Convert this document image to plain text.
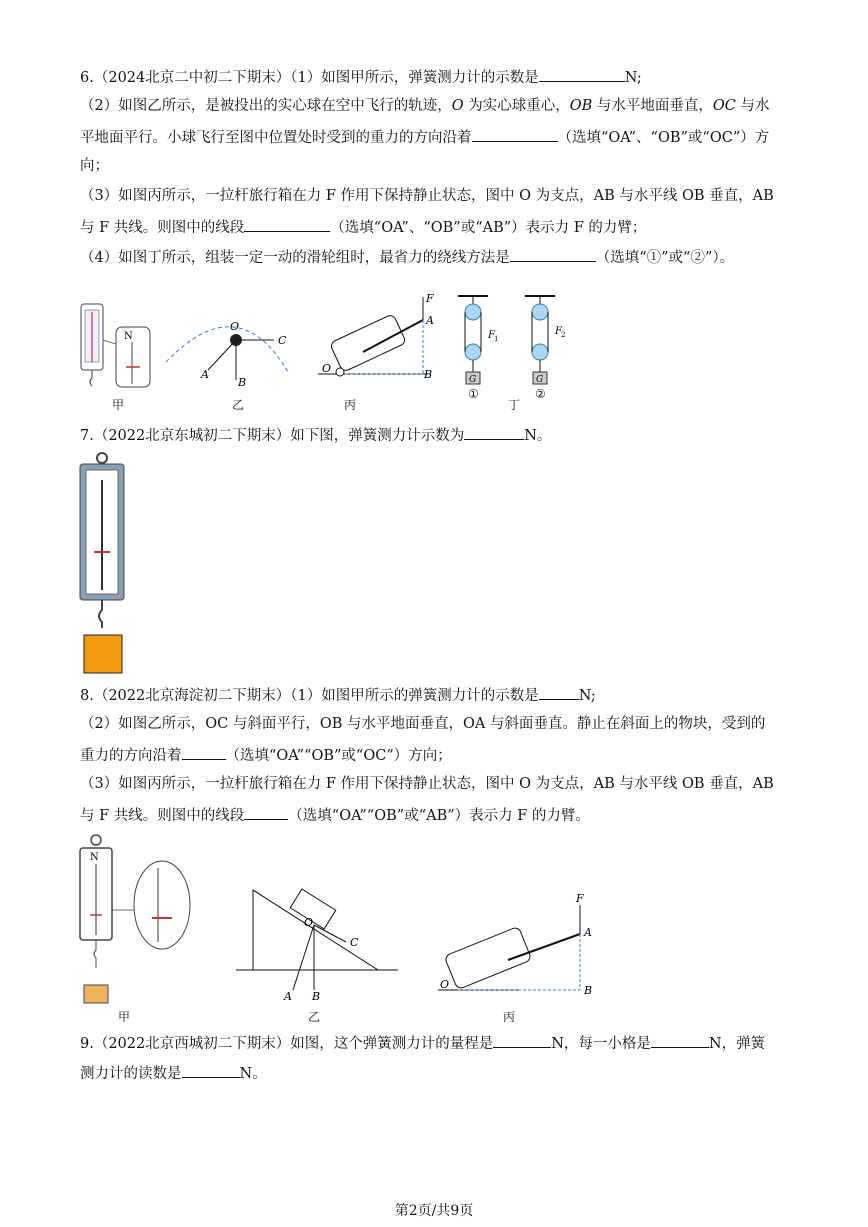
6.（2024北京二中初二下期末）（1）如图甲所示，弹簧测力计的示数是	N;
（2）如图乙所示，是被投出的实心球在空中飞行的轨迹，O 为实心球重心，OB 与水平地面垂直，OC 与水
平地面平行。小球飞行至图中位置处时受到的重力的方向沿着	（选填“OA”、“OB”或“OC”）方
向；
（3）如图丙所示，一拉杆旅行箱在力 F 作用下保持静止状态，图中 O 为支点，AB 与水平线 OB 垂直，AB
与 F 共线。则图中的线段	（选填“OA”、“OB”或“AB”）表示力 F 的力臂；
（4）如图丁所示，组装一定一动的滑轮组时，最省力的绕线方法是	（选填“①”或“②”）。
N
O
A
B
C
F
A
B
O
G
F 1
G
F 2
甲	乙	丙
①	②
丁
7.（2022北京东城初二下期末）如下图，弹簧测力计示数为	N。
8.（2022北京海淀初二下期末）（1）如图甲所示的弹簧测力计的示数是	N;
（2）如图乙所示，OC 与斜面平行，OB 与水平地面垂直，OA 与斜面垂直。静止在斜面上的物块，受到的
重力的方向沿着	（选填“OA”“OB”或“OC”）方向；
（3）如图丙所示，一拉杆旅行箱在力 F 作用下保持静止状态，图中 O 为支点，AB 与水平线 OB 垂直，AB
与 F 共线。则图中的线段	（选填“OA”“OB”或“AB”）表示力 F 的力臂。
N
O
A B
C
F
A
B
O
甲	乙	丙
9.（2022北京西城初二下期末）如图，这个弹簧测力计的量程是	N，每一小格是	N，弹簧
测力计的读数是	N。
第2页/共9页
